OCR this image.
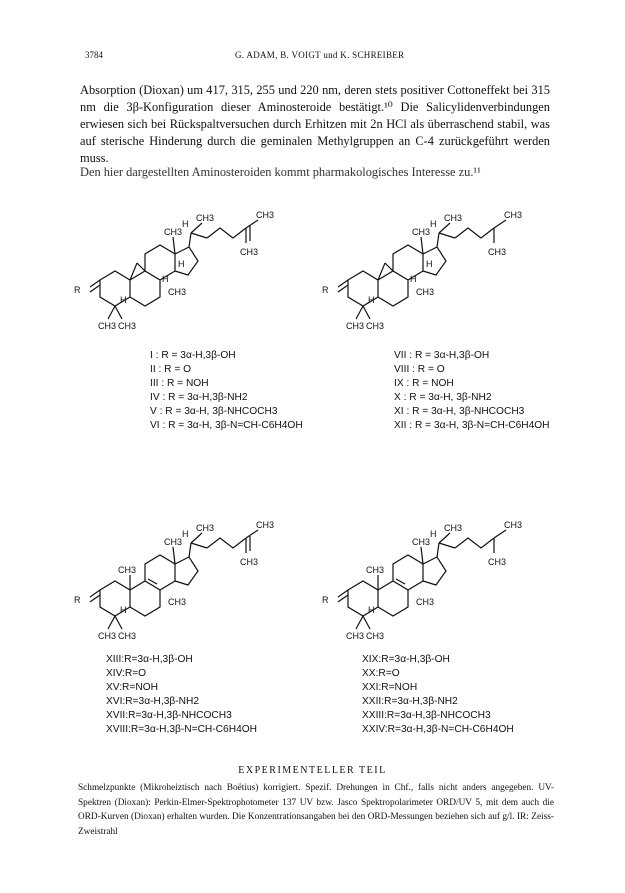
3784	G. ADAM, B. VOIGT und K. SCHREIBER
Absorption (Dioxan) um 417, 315, 255 und 220 nm, deren stets positiver Cottoneffekt bei 315 nm die 3β-Konfiguration dieser Aminosteroide bestätigt.¹⁰ Die Salicylidenverbindungen erwiesen sich bei Rückspaltversuchen durch Erhitzen mit 2n HCl als überraschend stabil, was auf sterische Hinderung durch die geminalen Methylgruppen an C-4 zurückgeführt werden muss.
Den hier dargestellten Aminosteroiden kommt pharmakologisches Interesse zu.¹¹
R
CH3 CH3
H
H
CH3
H
CH3
H
CH3	CH3
CH3
R
CH3 CH3
H
H
CH3
H
CH3
H
CH3	CH3
CH3
I : R = 3α-H,3β-OH
II : R = O
III : R = NOH
IV : R = 3α-H,3β-NH2
V : R = 3α-H, 3β-NHCOCH3
VI : R = 3α-H, 3β-N=CH-C6H4OH
VII : R = 3α-H,3β-OH
VIII : R = O
IX : R = NOH
X : R = 3α-H, 3β-NH2
XI : R = 3α-H, 3β-NHCOCH3
XII : R = 3α-H, 3β-N=CH-C6H4OH
R
CH3 CH3
H
CH3
CH3
CH3
H
CH3	CH3
CH3
R
CH3 CH3
H
CH3
CH3
CH3
H
CH3	CH3
CH3
XIII:R=3α-H,3β-OH
XIV:R=O
XV:R=NOH
XVI:R=3α-H,3β-NH2
XVII:R=3α-H,3β-NHCOCH3
XVIII:R=3α-H,3β-N=CH-C6H4OH
XIX:R=3α-H,3β-OH
XX:R=O
XXI:R=NOH
XXII:R=3α-H,3β-NH2
XXIII:R=3α-H,3β-NHCOCH3
XXIV:R=3α-H,3β-N=CH-C6H4OH
EXPERIMENTELLER TEIL
Schmelzpunkte (Mikroheiztisch nach Boëtius) korrigiert. Spezif. Drehungen in Chf., falls nicht anders angegeben. UV-Spektren (Dioxan): Perkin-Elmer-Spektrophotometer 137 UV bzw. Jasco Spektropolarimeter ORD/UV 5, mit dem auch die ORD-Kurven (Dioxan) erhalten wurden. Die Konzentrationsangaben bei den ORD-Messungen beziehen sich auf g/l. IR: Zeiss-Zweistrahl
